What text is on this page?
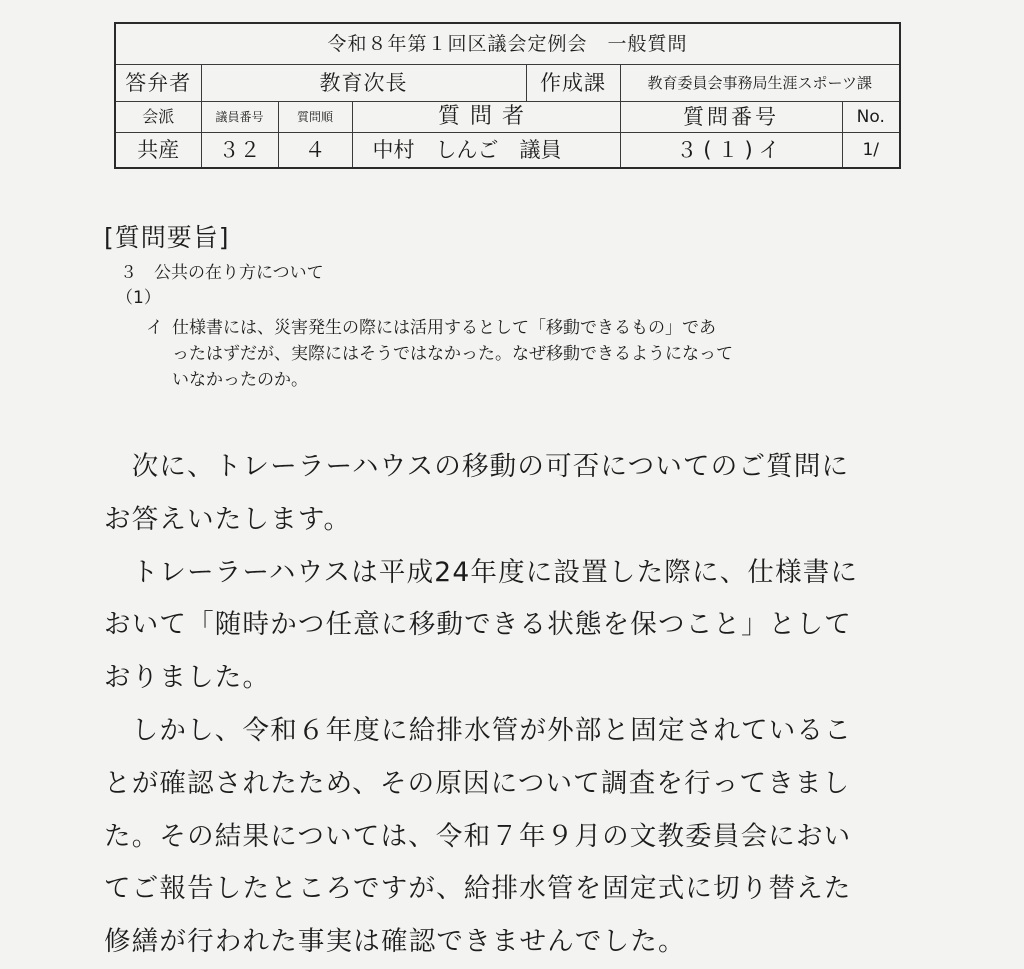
令和８年第１回区議会定例会　一般質問						
答弁者	教育次長			作成課	教育委員会事務局生涯スポーツ課	
会派	議員番号	質問順	質問者		質問番号	No.
共産	３２	４	中村　しんご　議員		３(１)イ	1/
[質問要旨]
３　公共の在り方について
（1）

イ 仕様書には、災害発生の際には活用するとして「移動できるもの」であ

ったはずだが、実際にはそうではなかった。なぜ移動できるようになって

いなかったのか。

　次に、トレーラーハウスの移動の可否についてのご質問に
お答えいたします。
　トレーラーハウスは平成24年度に設置した際に、仕様書に
おいて「随時かつ任意に移動できる状態を保つこと」として
おりました。
　しかし、令和６年度に給排水管が外部と固定されているこ
とが確認されたため、その原因について調査を行ってきまし
た。その結果については、令和７年９月の文教委員会におい
てご報告したところですが、給排水管を固定式に切り替えた
修繕が行われた事実は確認できませんでした。
